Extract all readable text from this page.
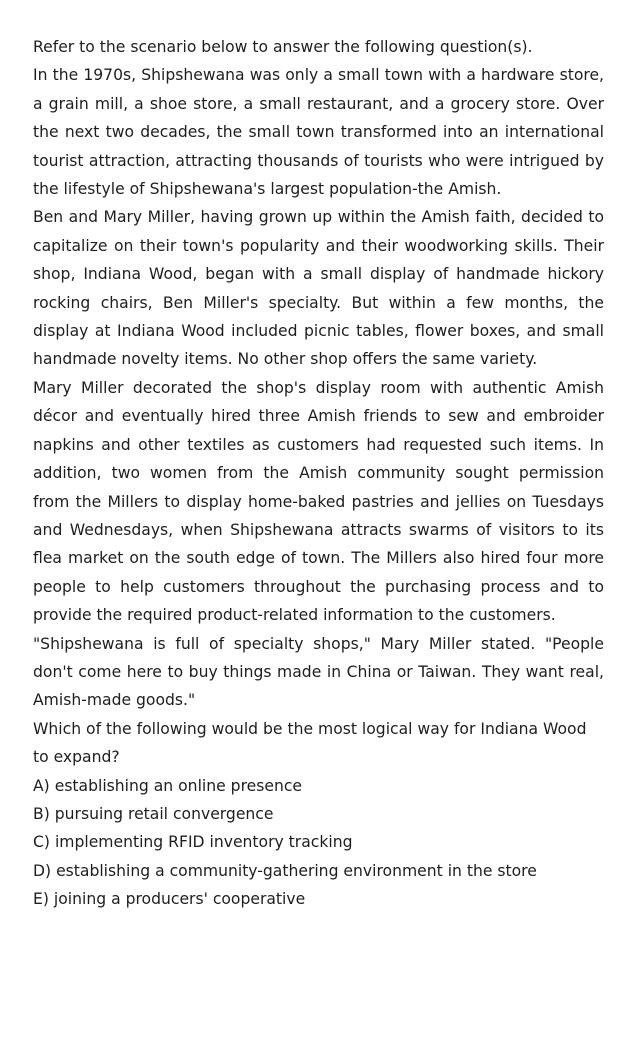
Refer to the scenario below to answer the following question(s).

In the 1970s, Shipshewana was only a small town with a hardware store, a grain mill, a shoe store, a small restaurant, and a grocery store. Over the next two decades, the small town transformed into an international tourist attraction, attracting thousands of tourists who were intrigued by the lifestyle of Shipshewana's largest population-the Amish.

Ben and Mary Miller, having grown up within the Amish faith, decided to capitalize on their town's popularity and their woodworking skills. Their shop, Indiana Wood, began with a small display of handmade hickory rocking chairs, Ben Miller's specialty. But within a few months, the display at Indiana Wood included picnic tables, flower boxes, and small handmade novelty items. No other shop offers the same variety.

Mary Miller decorated the shop's display room with authentic Amish décor and eventually hired three Amish friends to sew and embroider napkins and other textiles as customers had requested such items. In addition, two women from the Amish community sought permission from the Millers to display home-baked pastries and jellies on Tuesdays and Wednesdays, when Shipshewana attracts swarms of visitors to its flea market on the south edge of town. The Millers also hired four more people to help customers throughout the purchasing process and to provide the required product-related information to the customers.

"Shipshewana is full of specialty shops," Mary Miller stated. "People don't come here to buy things made in China or Taiwan. They want real, Amish-made goods."

Which of the following would be the most logical way for Indiana Wood to expand?

A) establishing an online presence
B) pursuing retail convergence
C) implementing RFID inventory tracking
D) establishing a community-gathering environment in the store
E) joining a producers' cooperative
